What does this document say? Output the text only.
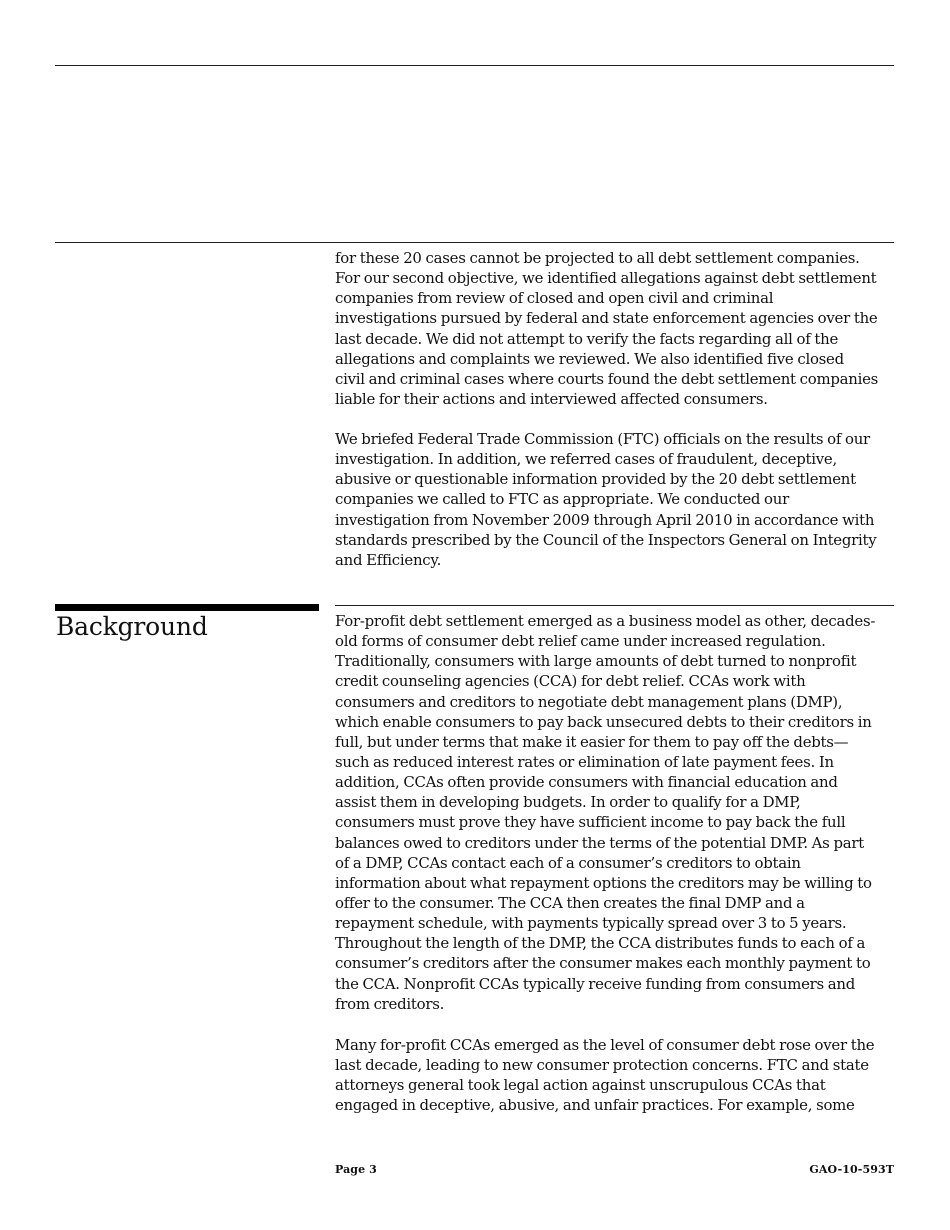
for these 20 cases cannot be projected to all debt settlement companies.
For our second objective, we identified allegations against debt settlement
companies from review of closed and open civil and criminal
investigations pursued by federal and state enforcement agencies over the
last decade. We did not attempt to verify the facts regarding all of the
allegations and complaints we reviewed. We also identified five closed
civil and criminal cases where courts found the debt settlement companies
liable for their actions and interviewed affected consumers.

We briefed Federal Trade Commission (FTC) officials on the results of our
investigation. In addition, we referred cases of fraudulent, deceptive,
abusive or questionable information provided by the 20 debt settlement
companies we called to FTC as appropriate. We conducted our
investigation from November 2009 through April 2010 in accordance with
standards prescribed by the Council of the Inspectors General on Integrity
and Efficiency.

Background	For-profit debt settlement emerged as a business model as other, decades-
old forms of consumer debt relief came under increased regulation.
Traditionally, consumers with large amounts of debt turned to nonprofit
credit counseling agencies (CCA) for debt relief. CCAs work with
consumers and creditors to negotiate debt management plans (DMP),
which enable consumers to pay back unsecured debts to their creditors in
full, but under terms that make it easier for them to pay off the debts—
such as reduced interest rates or elimination of late payment fees. In
addition, CCAs often provide consumers with financial education and
assist them in developing budgets. In order to qualify for a DMP,
consumers must prove they have sufficient income to pay back the full
balances owed to creditors under the terms of the potential DMP. As part
of a DMP, CCAs contact each of a consumer’s creditors to obtain
information about what repayment options the creditors may be willing to
offer to the consumer. The CCA then creates the final DMP and a
repayment schedule, with payments typically spread over 3 to 5 years.
Throughout the length of the DMP, the CCA distributes funds to each of a
consumer’s creditors after the consumer makes each monthly payment to
the CCA. Nonprofit CCAs typically receive funding from consumers and
from creditors.

Many for-profit CCAs emerged as the level of consumer debt rose over the
last decade, leading to new consumer protection concerns. FTC and state
attorneys general took legal action against unscrupulous CCAs that
engaged in deceptive, abusive, and unfair practices. For example, some

Page 3	GAO-10-593T
